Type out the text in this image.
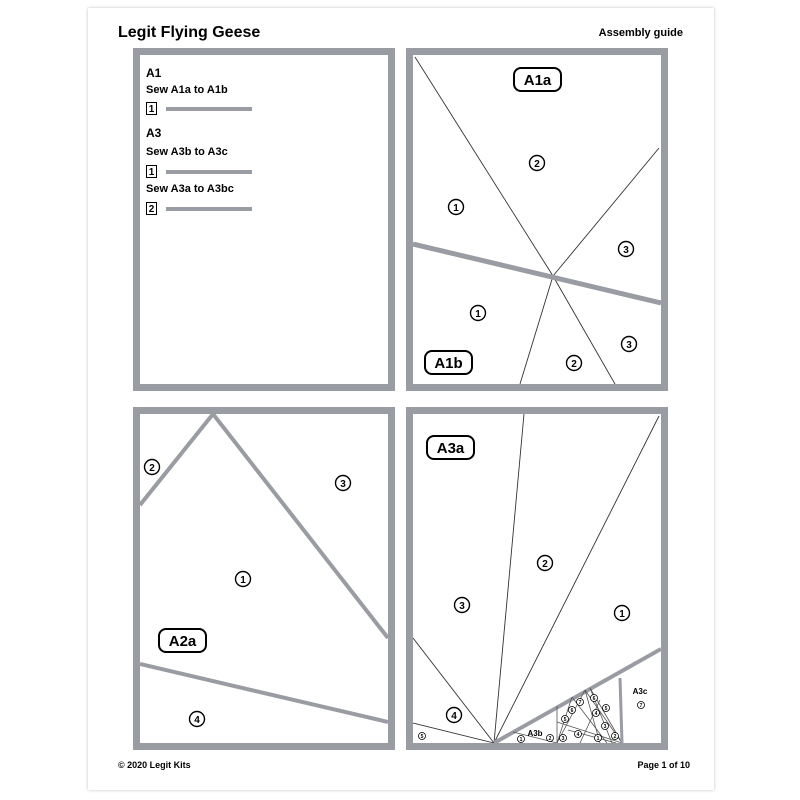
Legit Flying Geese	Assembly guide
A1
Sew A1a to A1b
1
A3
Sew A3b to A3c
1
Sew A3a to A3bc
2
A1a
A1b
1
2
3
1
2
3
A2a
1
2
3
4
A3a
A3b
A3c
1
2
3
4
5	1	2 3
4
5
6
7
1	2
3
4
5
6
7
© 2020 Legit Kits	Page 1 of 10
